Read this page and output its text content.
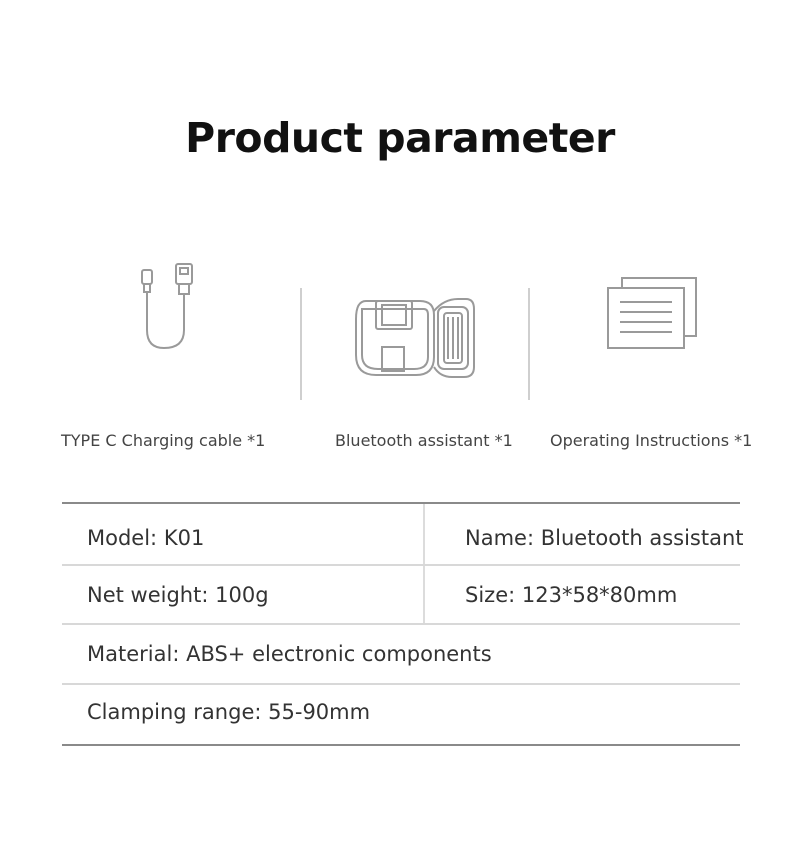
Product parameter
TYPE C Charging cable *1	Bluetooth assistant *1 Operating Instructions *1
Model: K01	Name: Bluetooth assistant
Net weight: 100g	Size: 123*58*80mm
Material: ABS+ electronic components
Clamping range: 55-90mm
